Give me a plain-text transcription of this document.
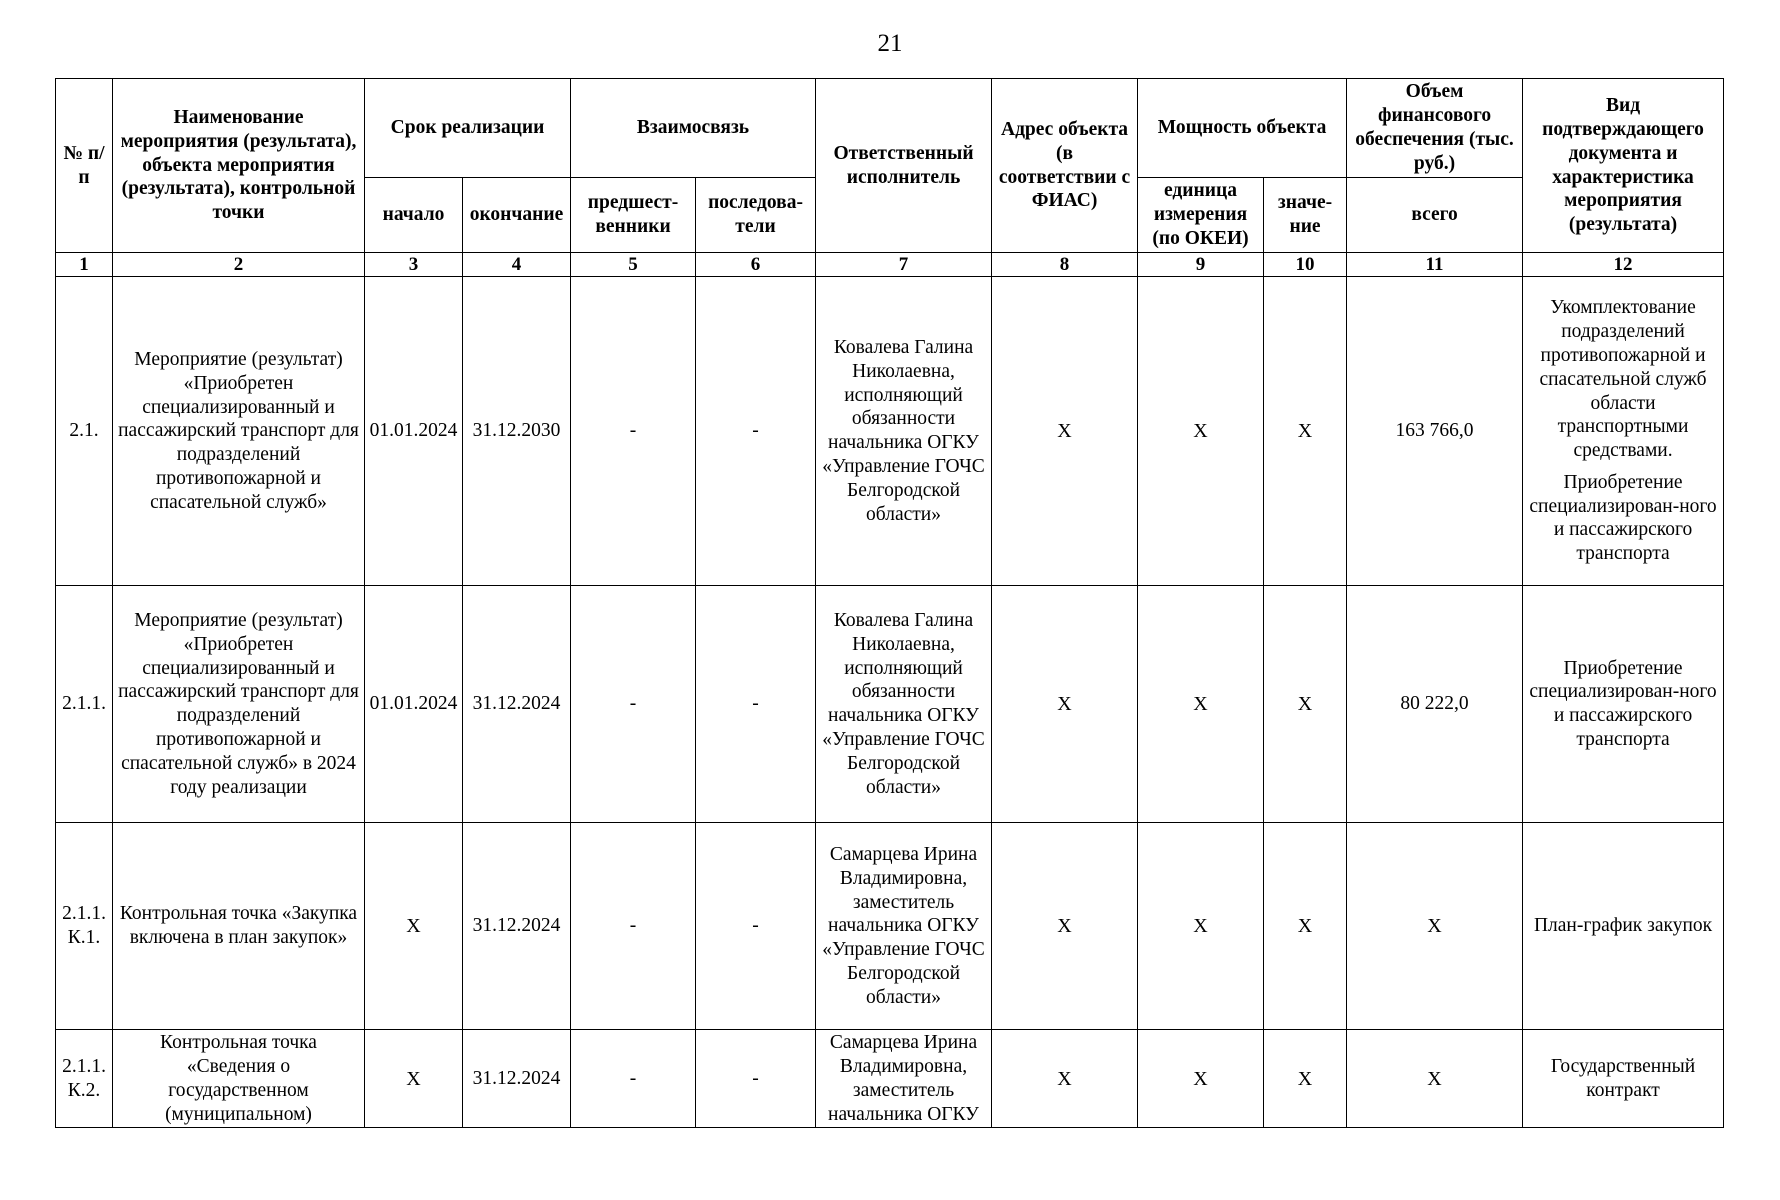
21
№ п/п	Наименование мероприятия (результата), объекта мероприятия (результата), контрольной точки	Срок реализации		Взаимосвязь		Ответственный исполнитель	Адрес объекта (в соответствии с ФИАС)	Мощность объекта		Объем финансового обеспечения (тыс. руб.)	Вид подтверждающего документа и характеристика мероприятия (результата)
		начало	окончание	предшест-венники	последова-тели			единица измерения (по ОКЕИ)	значе-ние	всего	
1	2	3	4	5	6	7	8	9	10	11	12
2.1.	Мероприятие (результат) «Приобретен специализированный и пассажирский транспорт для подразделений противопожарной и спасательной служб»	01.01.2024	31.12.2030	-	-	Ковалева Галина Николаевна, исполняющий обязанности начальника ОГКУ «Управление ГОЧС Белгородской области»	X	X	X	163 766,0	Укомплектование подразделений противопожарной и спасательной служб области транспортными средствами.
Приобретение специализирован-ного и пассажирского транспорта

2.1.1.	Мероприятие (результат) «Приобретен специализированный и пассажирский транспорт для подразделений противопожарной и спасательной служб» в 2024 году реализации	01.01.2024	31.12.2024	-	-	Ковалева Галина Николаевна, исполняющий обязанности начальника ОГКУ «Управление ГОЧС Белгородской области»	X	X	X	80 222,0	Приобретение специализирован-ного и пассажирского транспорта

2.1.1. К.1.	Контрольная точка «Закупка включена в план закупок»	X	31.12.2024	-	-	Самарцева Ирина Владимировна, заместитель начальника ОГКУ «Управление ГОЧС Белгородской области»	X	X	X	X	План-график закупок

2.1.1. К.2.	Контрольная точка «Сведения о государственном (муниципальном)	X	31.12.2024	-	-	Самарцева Ирина Владимировна, заместитель начальника ОГКУ	X	X	X	X	Государственный контракт
